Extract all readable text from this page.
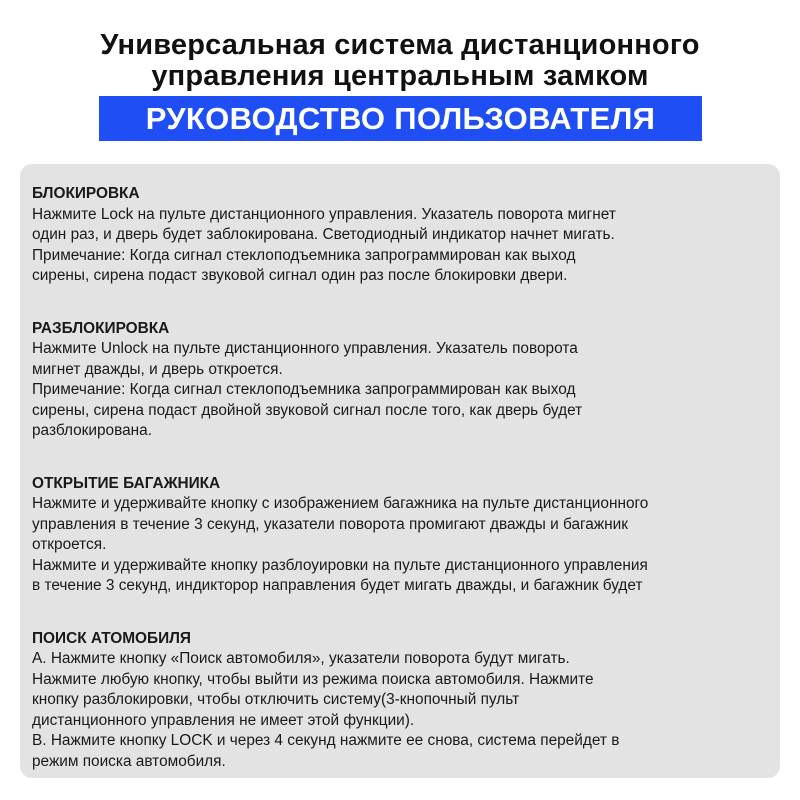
Универсальная система дистанционного
управления центральным замком
РУКОВОДСТВО ПОЛЬЗОВАТЕЛЯ

БЛОКИРОВКА

Нажмите Lock на пульте дистанционного управления. Указатель поворота мигнет
один раз, и дверь будет заблокирована. Светодиодный индикатор начнет мигать.
Примечание: Когда сигнал стеклоподъемника запрограммирован как выход
сирены, сирена подаст звуковой сигнал один раз после блокировки двери.

РАЗБЛОКИРОВКА

Нажмите Unlock на пульте дистанционного управления. Указатель поворота
мигнет дважды, и дверь откроется.
Примечание: Когда сигнал стеклоподъемника запрограммирован как выход
сирены, сирена подаст двойной звуковой сигнал после того, как дверь будет
разблокирована.

ОТКРЫТИЕ БАГАЖНИКА

Нажмите и удерживайте кнопку с изображением багажника на пульте дистанционного
управления в течение 3 секунд, указатели поворота промигают дважды и багажник
откроется.
Нажмите и удерживайте кнопку разблоуировки на пульте дистанционного управления
в течение 3 секунд, индикторор направления будет мигать дважды, и багажник будет

ПОИСК АТОМОБИЛЯ

A. Нажмите кнопку «Поиск автомобиля», указатели поворота будут мигать.
Нажмите любую кнопку, чтобы выйти из режима поиска автомобиля. Нажмите
кнопку разблокировки, чтобы отключить систему(3-кнопочный пульт
дистанционного управления не имеет этой функции).
B. Нажмите кнопку LOCK и через 4 секунд нажмите ее снова, система перейдет в
режим поиска автомобиля.
